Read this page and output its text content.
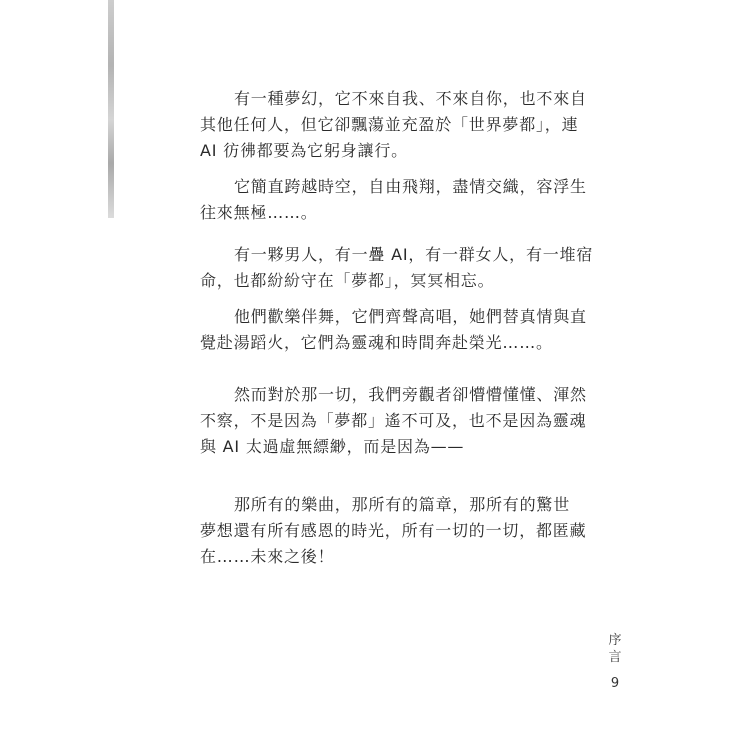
有一種夢幻，它不來自我、不來自你，也不來自
其他任何人，但它卻飄蕩並充盈於「世界夢都」，連
AI 彷彿都要為它躬身讓行。
它簡直跨越時空，自由飛翔，盡情交織，容浮生
往來無極……。
有一夥男人，有一疊 AI，有一群女人，有一堆宿
命，也都紛紛守在「夢都」，冥冥相忘。
他們歡樂伴舞，它們齊聲高唱，她們替真情與直
覺赴湯蹈火，它們為靈魂和時間奔赴榮光……。
然而對於那一切，我們旁觀者卻懵懵懂懂、渾然
不察，不是因為「夢都」遙不可及，也不是因為靈魂
與 AI 太過虛無縹緲，而是因為——
那所有的樂曲，那所有的篇章，那所有的驚世
夢想還有所有感恩的時光，所有一切的一切，都匿藏
在……未來之後！
序
言
9
